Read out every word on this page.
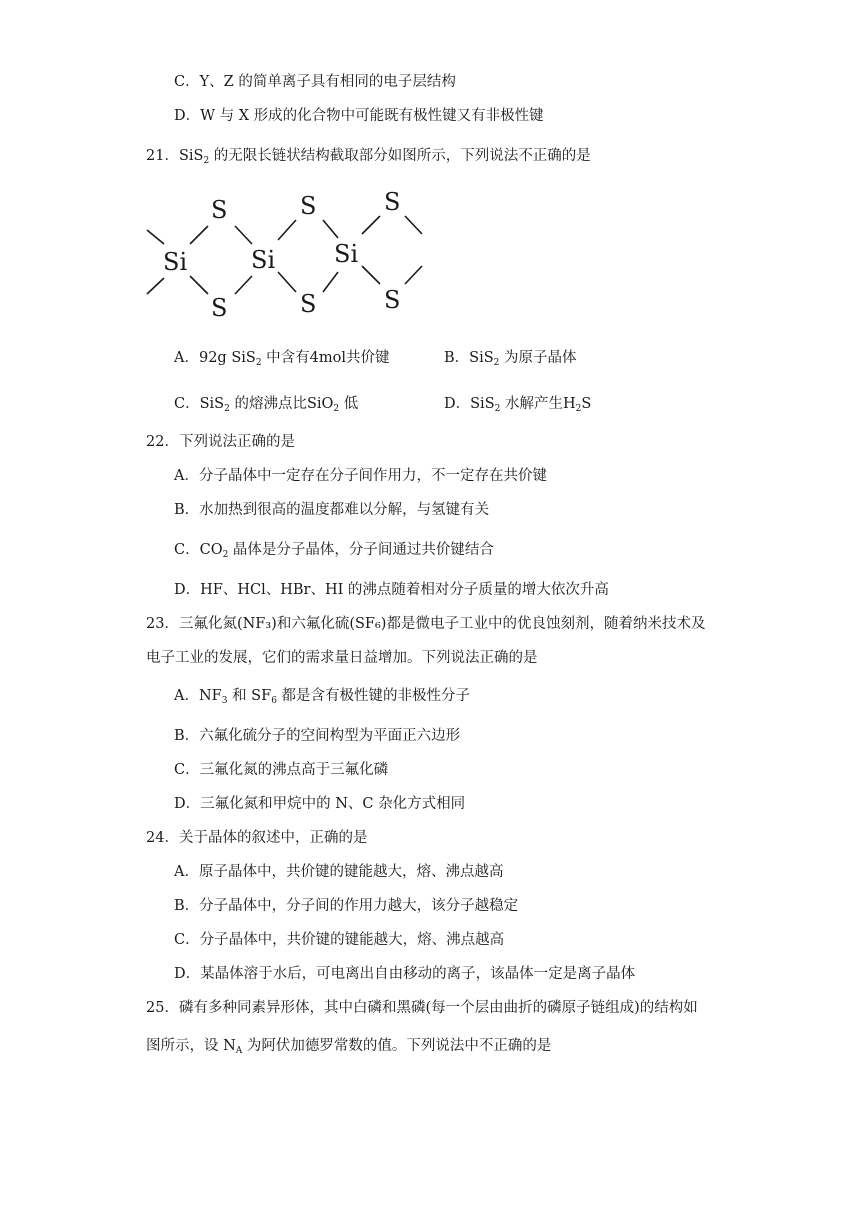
C．Y、Z 的简单离子具有相同的电子层结构
D．W 与 X 形成的化合物中可能既有极性键又有非极性键
21．SiS$_2$ 的无限长链状结构截取部分如图所示，下列说法不正确的是
Si	Si Si
S
S
S
S
S
S
A．92g SiS$_2$ 中含有4mol共价键	B．SiS$_2$ 为原子晶体
C．SiS$_2$ 的熔沸点比SiO$_2$ 低	D．SiS$_2$ 水解产生$H_2S$
22．下列说法正确的是
A．分子晶体中一定存在分子间作用力，不一定存在共价键
B．水加热到很高的温度都难以分解，与氢键有关
C．$CO_2$ 晶体是分子晶体，分子间通过共价键结合
D．HF、HCl、HBr、HI 的沸点随着相对分子质量的增大依次升高
23．三氟化氮(NF₃)和六氟化硫(SF₆)都是微电子工业中的优良蚀刻剂，随着纳米技术及
电子工业的发展，它们的需求量日益增加。下列说法正确的是
A．$NF_3$ 和 $SF_6$ 都是含有极性键的非极性分子
B．六氟化硫分子的空间构型为平面正六边形
C．三氟化氮的沸点高于三氟化磷
D．三氟化氮和甲烷中的 N、C 杂化方式相同
24．关于晶体的叙述中，正确的是
A．原子晶体中，共价键的键能越大，熔、沸点越高
B．分子晶体中，分子间的作用力越大，该分子越稳定
C．分子晶体中，共价键的键能越大，熔、沸点越高
D．某晶体溶于水后，可电离出自由移动的离子，该晶体一定是离子晶体
25．磷有多种同素异形体，其中白磷和黑磷(每一个层由曲折的磷原子链组成)的结构如
图所示，设 $N_A$ 为阿伏加德罗常数的值。下列说法中不正确的是
